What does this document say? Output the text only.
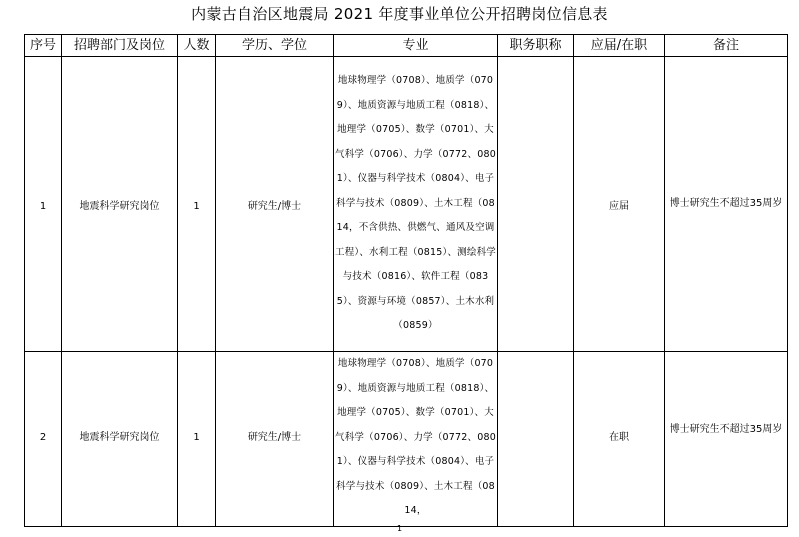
内蒙古自治区地震局 2021 年度事业单位公开招聘岗位信息表
序号	招聘部门及岗位	人数	学历、学位	专业	职务职称	应届/在职	备注
1	地震科学研究岗位	1	研究生/博士	地球物理学（0708）、地质学（0709）、地质资源与地质工程（0818）、地理学（0705）、数学（0701）、大气科学（0706）、力学（0772、0801）、仪器与科学技术（0804）、电子科学与技术（0809）、土木工程（0814，不含供热、供燃气、通风及空调工程）、水利工程（0815）、测绘科学与技术（0816）、软件工程（0835）、资源与环境（0857）、土木水利（0859）		应届	博士研究生不超过35周岁

2	地震科学研究岗位	1	研究生/博士	地球物理学（0708）、地质学（0709）、地质资源与地质工程（0818）、地理学（0705）、数学（0701）、大气科学（0706）、力学（0772、0801）、仪器与科学技术（0804）、电子科学与技术（0809）、土木工程（0814，		在职	博士研究生不超过35周岁
1
